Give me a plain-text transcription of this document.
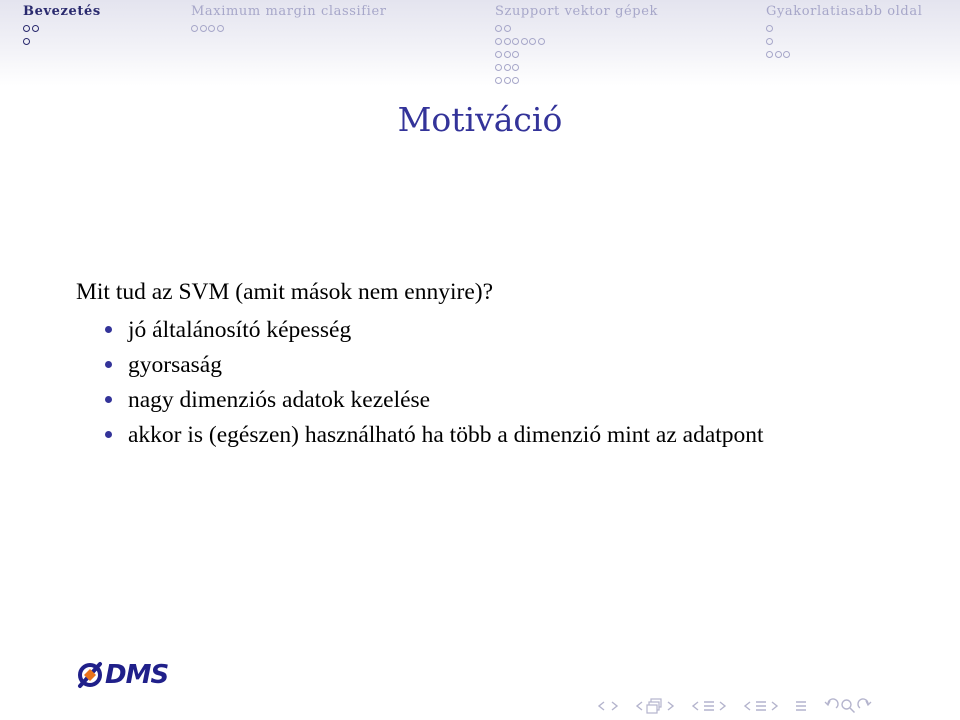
Bevezetés	Maximum margin classifier	Szupport vektor gépek	Gyakorlatiasabb oldal
Motiváció

Mit tud az SVM (amit mások nem ennyire)?

jó általánosító képesség
gyorsaság
nagy dimenziós adatok kezelése
akkor is (egészen) használható ha több a dimenzió mint az adatpont
DMS
